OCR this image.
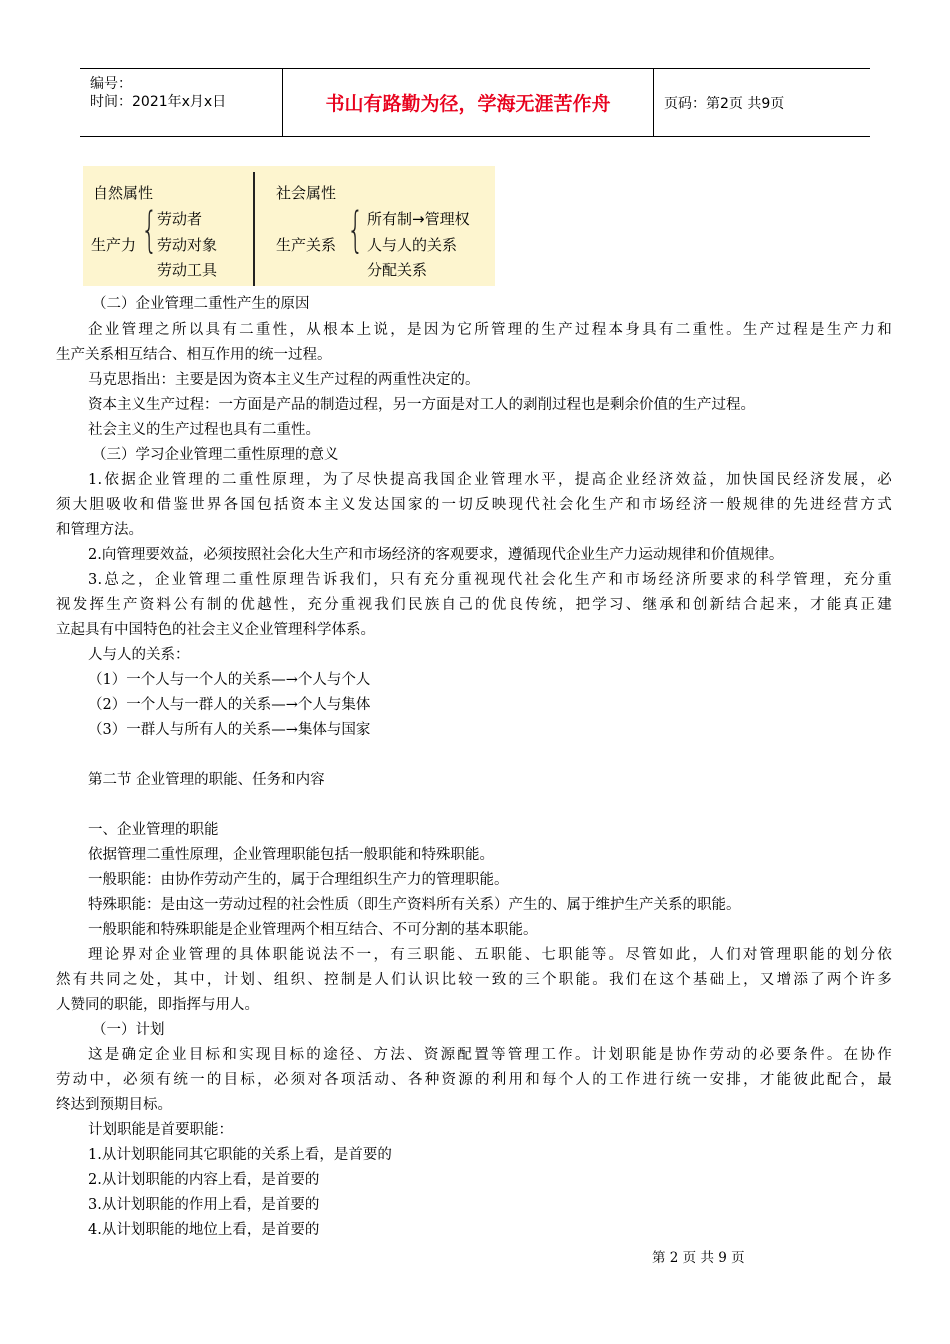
编号：
时间：2021年x月x日	书山有路勤为径，学海无涯苦作舟	页码：第2页 共9页
自然属性
生产力 { 劳动者
劳动对象
劳动工具
社会属性
生产关系 { 所有制→管理权
人与人的关系
分配关系
（二）企业管理二重性产生的原因
企业管理之所以具有二重性，从根本上说，是因为它所管理的生产过程本身具有二重性。生产过程是生产力和
生产关系相互结合、相互作用的统一过程。
马克思指出：主要是因为资本主义生产过程的两重性决定的。
资本主义生产过程：一方面是产品的制造过程，另一方面是对工人的剥削过程也是剩余价值的生产过程。
社会主义的生产过程也具有二重性。
（三）学习企业管理二重性原理的意义
1.依据企业管理的二重性原理，为了尽快提高我国企业管理水平，提高企业经济效益，加快国民经济发展，必
须大胆吸收和借鉴世界各国包括资本主义发达国家的一切反映现代社会化生产和市场经济一般规律的先进经营方式
和管理方法。
2.向管理要效益，必须按照社会化大生产和市场经济的客观要求，遵循现代企业生产力运动规律和价值规律。
3.总之，企业管理二重性原理告诉我们，只有充分重视现代社会化生产和市场经济所要求的科学管理，充分重
视发挥生产资料公有制的优越性，充分重视我们民族自己的优良传统，把学习、继承和创新结合起来，才能真正建
立起具有中国特色的社会主义企业管理科学体系。
人与人的关系：
（1）一个人与一个人的关系—→个人与个人
（2）一个人与一群人的关系—→个人与集体
（3）一群人与所有人的关系—→集体与国家
第二节 企业管理的职能、任务和内容
一、企业管理的职能
依据管理二重性原理，企业管理职能包括一般职能和特殊职能。
一般职能：由协作劳动产生的，属于合理组织生产力的管理职能。
特殊职能：是由这一劳动过程的社会性质（即生产资料所有关系）产生的、属于维护生产关系的职能。
一般职能和特殊职能是企业管理两个相互结合、不可分割的基本职能。
理论界对企业管理的具体职能说法不一，有三职能、五职能、七职能等。尽管如此，人们对管理职能的划分依
然有共同之处，其中，计划、组织、控制是人们认识比较一致的三个职能。我们在这个基础上，又增添了两个许多
人赞同的职能，即指挥与用人。
（一）计划
这是确定企业目标和实现目标的途径、方法、资源配置等管理工作。计划职能是协作劳动的必要条件。在协作
劳动中，必须有统一的目标，必须对各项活动、各种资源的利用和每个人的工作进行统一安排，才能彼此配合，最
终达到预期目标。
计划职能是首要职能：
1.从计划职能同其它职能的关系上看，是首要的
2.从计划职能的内容上看，是首要的
3.从计划职能的作用上看，是首要的
4.从计划职能的地位上看，是首要的
第 2 页 共 9 页
